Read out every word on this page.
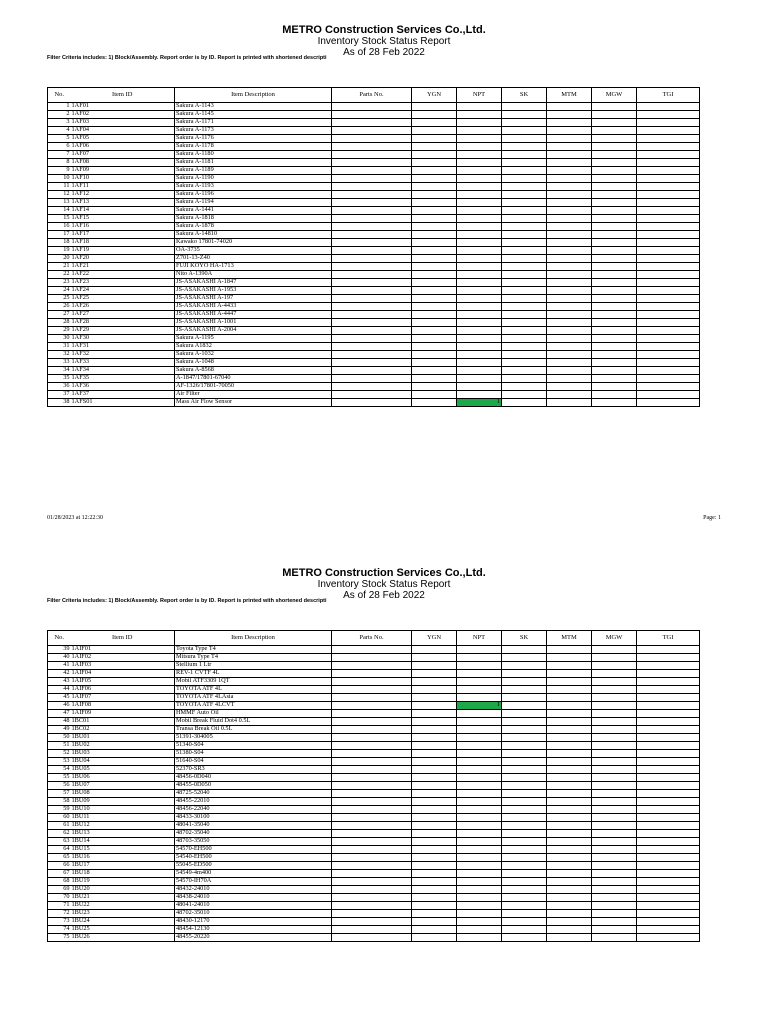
METRO Construction Services Co.,Ltd.
Inventory Stock Status Report
As of 28 Feb 2022
Filter Criteria includes: 1) Block/Assembly. Report order is by ID. Report is printed with shortened descripti
No.	Item ID	Item Description	Parts No.	YGN	NPT	SK	MTM	MGW	TGI
1	1AF01	Sakura A-1143							
2	1AF02	Sakura A-1145							
3	1AF03	Sakura A-1171							
4	1AF04	Sakura A-1173							
5	1AF05	Sakura A-1176							
6	1AF06	Sakura A-1178							
7	1AF07	Sakura A-1180							
8	1AF08	Sakura A-1181							
9	1AF09	Sakura A-1189							
10	1AF10	Sakura A-1190							
11	1AF11	Sakura A-1193							
12	1AF12	Sakura A-1196							
13	1AF13	Sakura A-1194							
14	1AF14	Sakura A-1441							
15	1AF15	Sakura A-1818							
16	1AF16	Sakura A-1878							
17	1AF17	Sakura A-14810							
18	1AF18	Kawako 17801-74020							
19	1AF19	OA-3735							
20	1AF20	Z701-13-Z40							
21	1AF21	FUJI KOYO HA-1713							
22	1AF22	Nito A-1390A							
23	1AF23	JS-ASAKASHI A-1847							
24	1AF24	JS-ASAKASHI A-1953							
25	1AF25	JS-ASAKASHI A-197							
26	1AF26	JS-ASAKASHI A-4433							
27	1AF27	JS-ASAKASHI A-4447							
28	1AF28	JS-ASAKASHI A-1001							
29	1AF29	JS-ASAKASHI A-2004							
30	1AF30	Sakura A-1195							
31	1AF31	Sakura A1832							
32	1AF32	Sakura A-1032							
33	1AF33	Sakura A-1048							
34	1AF34	Sakura A-8568							
35	1AF35	A-1847/17801-67040							
36	1AF36	AF-1326/17801-70050							
37	1AF37	Air Filter							
38	1AFS01	Mass Air Flow Sensor			1				
01/28/2023 at 12:22:30	Page: 1
METRO Construction Services Co.,Ltd.
Inventory Stock Status Report
As of 28 Feb 2022
Filter Criteria includes: 1) Block/Assembly. Report order is by ID. Report is printed with shortened descripti
No.	Item ID	Item Description	Parts No.	YGN	NPT	SK	MTM	MGW	TGI
39	1AIF01	Toyota Type T4							
40	1AIF02	Mitsura Type T4							
41	1AIF03	Stellium 1 Ltr							
42	1AIF04	REV-1 CVTF 4L							
43	1AIF05	Mobil ATF3309 1QT							
44	1AIF06	TOYOTA ATF 4L							
45	1AIF07	TOYOTA ATF 4LAsia							
46	1AIF08	TOYOTA ATF 4LCVT			1				
47	1AIF09	HMMF Auto Oil							
48	1BC01	Mobil Break Fluid Dot4 0.5L							
49	1BC02	Transa Break Oil 0.5L							
50	1BU01	51391-304005							
51	1BU02	51340-S04							
52	1BU03	51380-S04							
53	1BU04	51640-S04							
54	1BU05	52370-SR3							
55	1BU06	48456-0D040							
56	1BU07	48455-0D050							
57	1BU08	48725-52040							
58	1BU09	48455-22010							
59	1BU10	48456-22040							
60	1BU11	48433-30100							
61	1BU12	48041-35040							
62	1BU13	48702-35040							
63	1BU14	48703-35050							
64	1BU15	54570-EH500							
65	1BU16	54540-EH500							
66	1BU17	55045-ED500							
67	1BU18	54549-4m400							
68	1BU19	54570-IH70A							
69	1BU20	48432-24010							
70	1BU21	48438-24010							
71	1BU22	48041-24010							
72	1BU23	48702-35010							
73	1BU24	48430-12170							
74	1BU25	48454-12130							
75	1BU26	48455-20220							
